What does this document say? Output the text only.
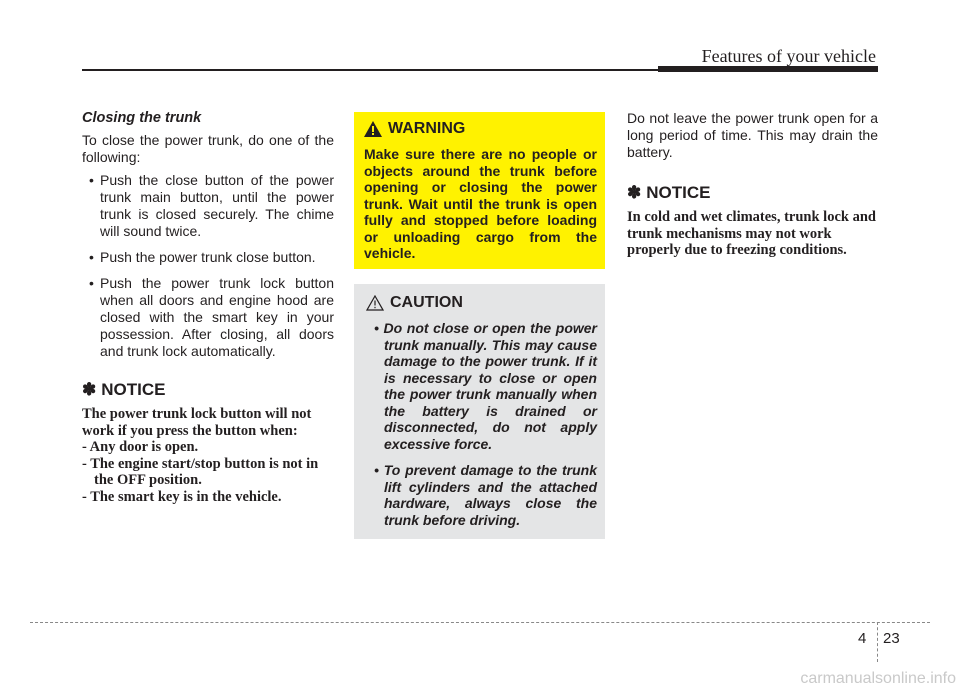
Features of your vehicle
Closing the trunk

To close the power trunk, do one of the following:

• Push the close button of the power trunk main button, until the power trunk is closed securely. The chime will sound twice.
• Push the power trunk close button.
• Push the power trunk lock button when all doors and engine hood are closed with the smart key in your possession. After closing, all doors and trunk lock automatically.
✽ NOTICE
The power trunk lock button will not work if you press the button when:
- Any door is open.
- The engine start/stop button is not in the OFF position.
- The smart key is in the vehicle.
WARNING

Make sure there are no people or objects around the trunk before opening or closing the power trunk. Wait until the trunk is open fully and stopped before loading or unloading cargo from the vehicle.

CAUTION
• Do not close or open the power trunk manually. This may cause damage to the power trunk. If it is necessary to close or open the power trunk manually when the battery is drained or disconnected, do not apply excessive force.
• To prevent damage to the trunk lift cylinders and the attached hardware, always close the trunk before driving.

Do not leave the power trunk open for a long period of time. This may drain the battery.

✽ NOTICE

In cold and wet climates, trunk lock and trunk mechanisms may not work properly due to freezing conditions.

4 23
carmanualsonline.info
